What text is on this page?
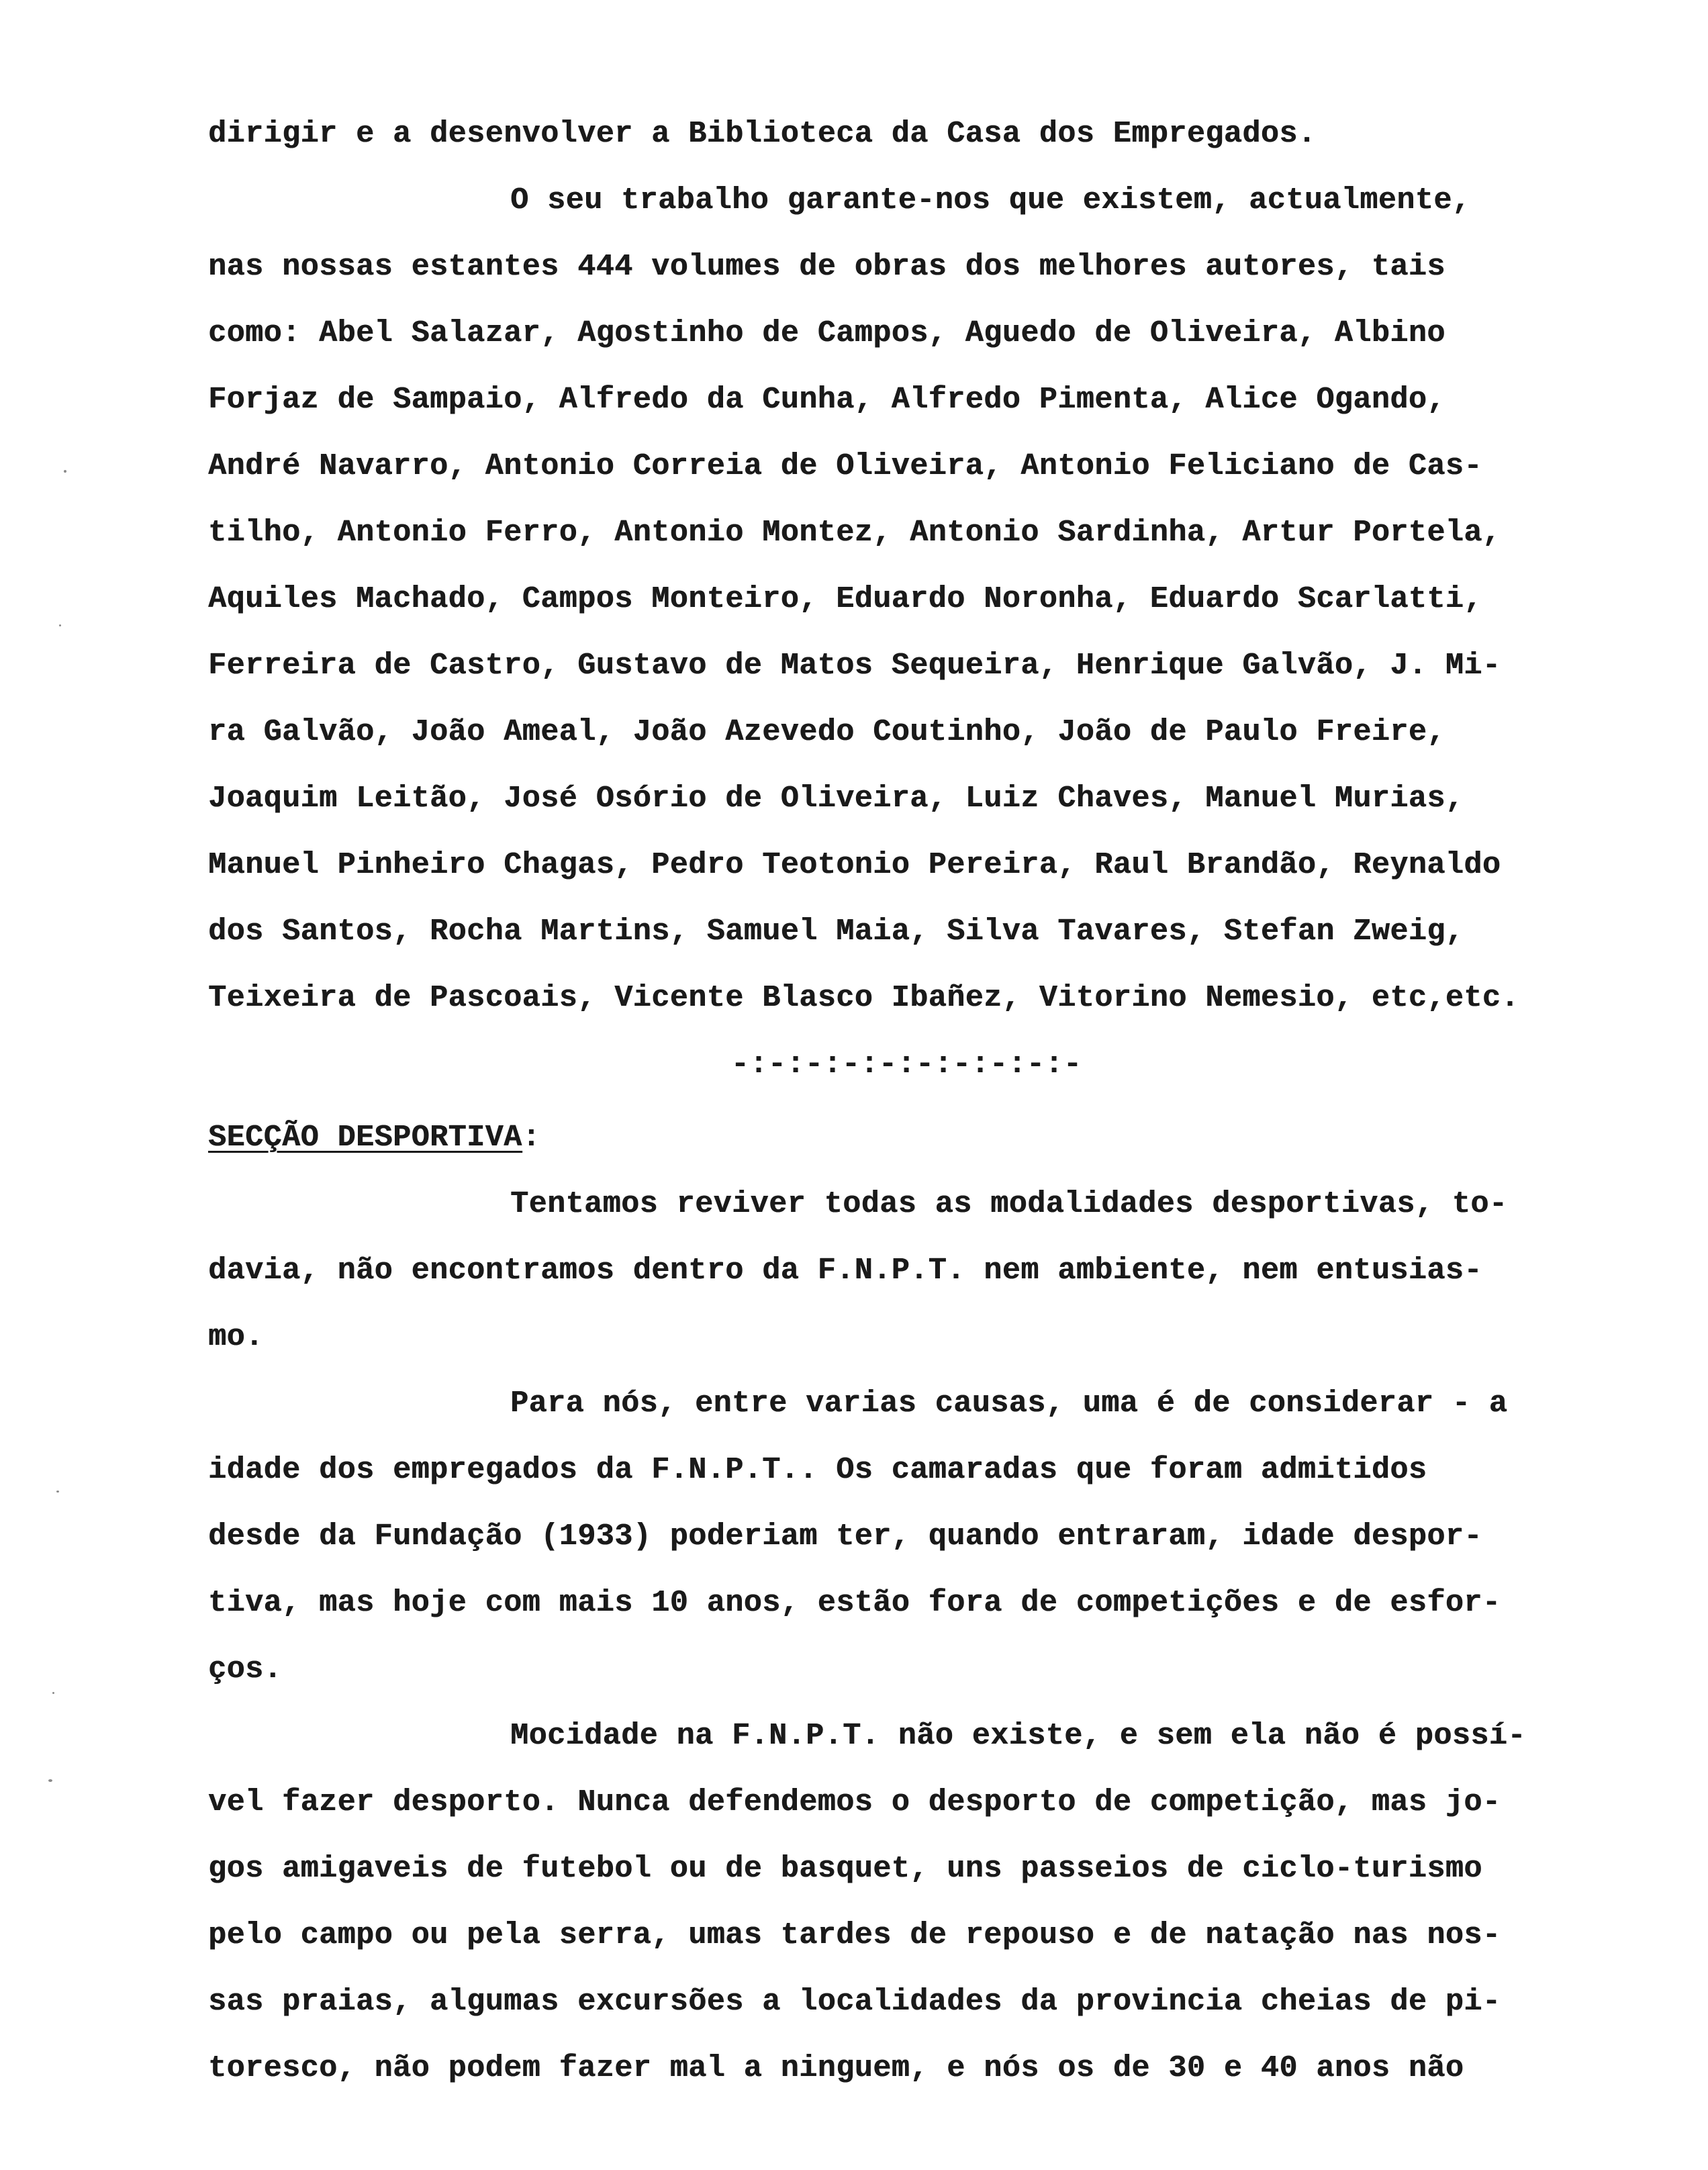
dirigir e a desenvolver a Biblioteca da Casa dos Empregados.
O seu trabalho garante-nos que existem, actualmente,
nas nossas estantes 444 volumes de obras dos melhores autores, tais
como: Abel Salazar, Agostinho de Campos, Aguedo de Oliveira, Albino
Forjaz de Sampaio, Alfredo da Cunha, Alfredo Pimenta, Alice Ogando,
André Navarro, Antonio Correia de Oliveira, Antonio Feliciano de Cas-
tilho, Antonio Ferro, Antonio Montez, Antonio Sardinha, Artur Portela,
Aquiles Machado, Campos Monteiro, Eduardo Noronha, Eduardo Scarlatti,
Ferreira de Castro, Gustavo de Matos Sequeira, Henrique Galvão, J. Mi-
ra Galvão, João Ameal, João Azevedo Coutinho, João de Paulo Freire,
Joaquim Leitão, José Osório de Oliveira, Luiz Chaves, Manuel Murias,
Manuel Pinheiro Chagas, Pedro Teotonio Pereira, Raul Brandão, Reynaldo
dos Santos, Rocha Martins, Samuel Maia, Silva Tavares, Stefan Zweig,
Teixeira de Pascoais, Vicente Blasco Ibañez, Vitorino Nemesio, etc,etc.
-:-:-:-:-:-:-:-:-:-
SECÇÃO DESPORTIVA:
Tentamos reviver todas as modalidades desportivas, to-
davia, não encontramos dentro da F.N.P.T. nem ambiente, nem entusias-
mo.
Para nós, entre varias causas, uma é de considerar - a
idade dos empregados da F.N.P.T.. Os camaradas que foram admitidos
desde da Fundação (1933) poderiam ter, quando entraram, idade despor-
tiva, mas hoje com mais 10 anos, estão fora de competições e de esfor-
ços.
Mocidade na F.N.P.T. não existe, e sem ela não é possí-
vel fazer desporto. Nunca defendemos o desporto de competição, mas jo-
gos amigaveis de futebol ou de basquet, uns passeios de ciclo-turismo
pelo campo ou pela serra, umas tardes de repouso e de natação nas nos-
sas praias, algumas excursões a localidades da provincia cheias de pi-
toresco, não podem fazer mal a ninguem, e nós os de 30 e 40 anos não
